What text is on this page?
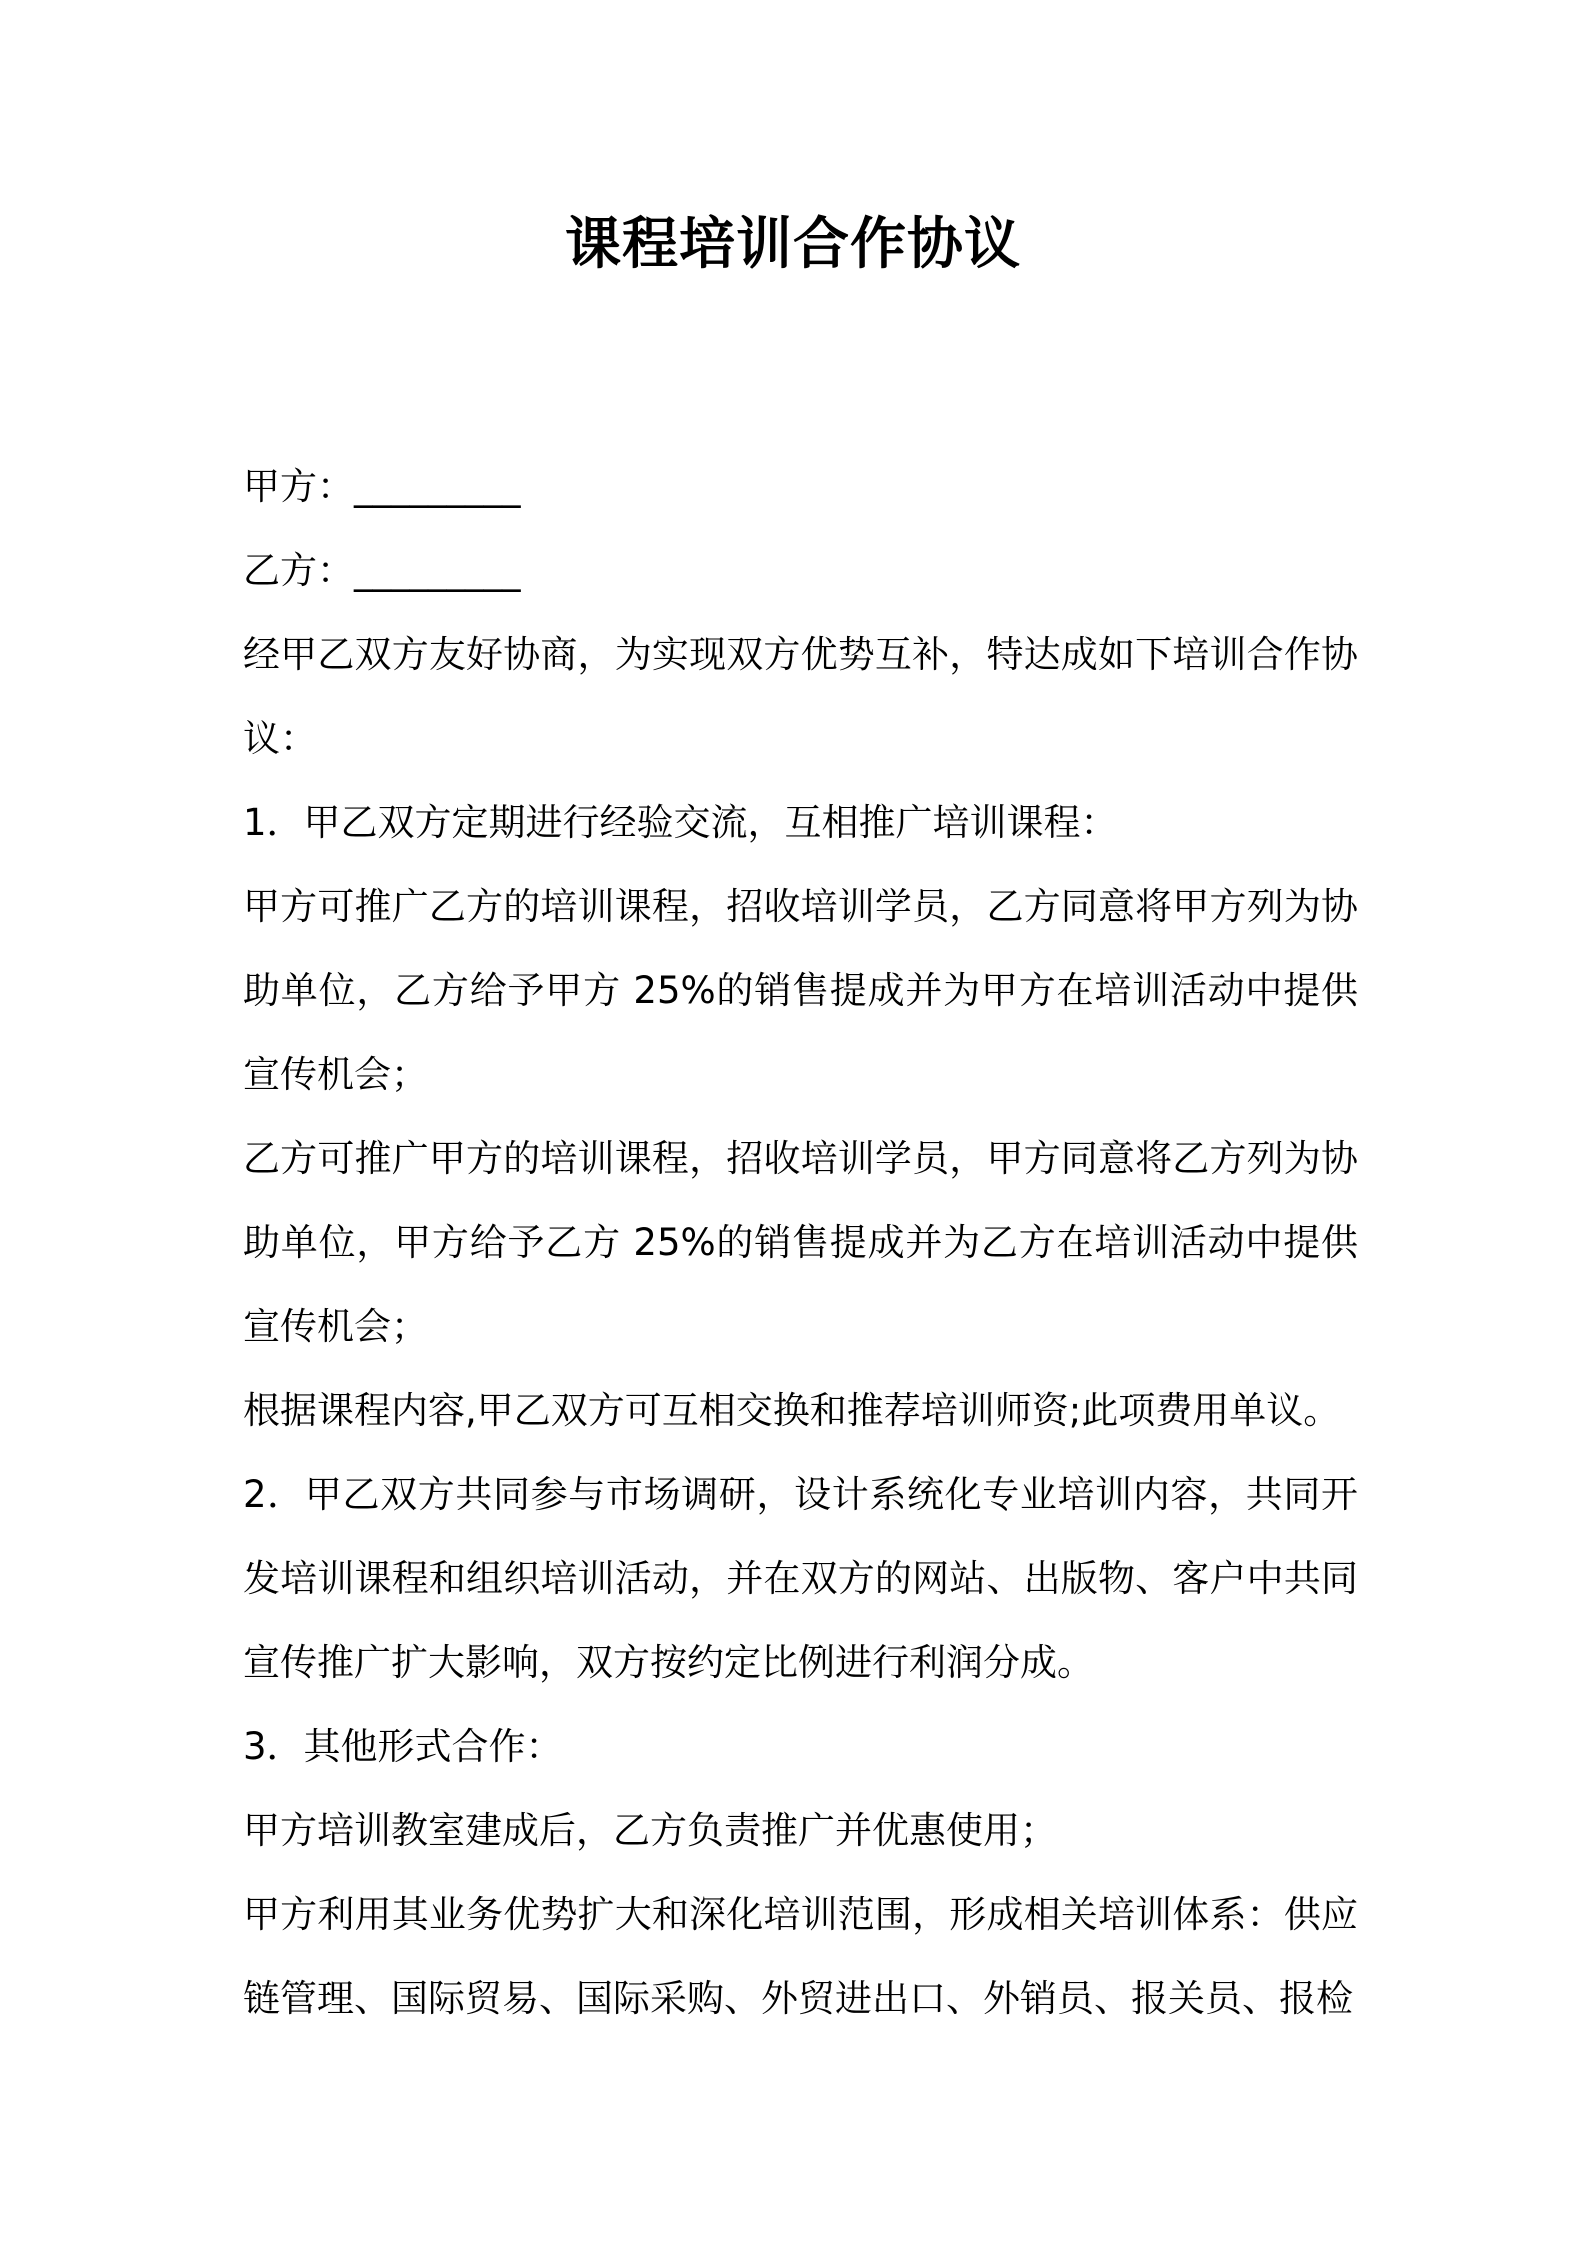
课程培训合作协议

甲方：_________

乙方：_________

经甲乙双方友好协商，为实现双方优势互补，特达成如下培训合作协议：

1．甲乙双方定期进行经验交流，互相推广培训课程：

甲方可推广乙方的培训课程，招收培训学员，乙方同意将甲方列为协助单位，乙方给予甲方 25%的销售提成并为甲方在培训活动中提供宣传机会；

乙方可推广甲方的培训课程，招收培训学员，甲方同意将乙方列为协助单位，甲方给予乙方 25%的销售提成并为乙方在培训活动中提供宣传机会；

根据课程内容,甲乙双方可互相交换和推荐培训师资;此项费用单议。

2．甲乙双方共同参与市场调研，设计系统化专业培训内容，共同开发培训课程和组织培训活动，并在双方的网站、出版物、客户中共同宣传推广扩大影响，双方按约定比例进行利润分成。

3．其他形式合作：

甲方培训教室建成后，乙方负责推广并优惠使用；

甲方利用其业务优势扩大和深化培训范围，形成相关培训体系：供应链管理、国际贸易、国际采购、外贸进出口、外销员、报关员、报检
